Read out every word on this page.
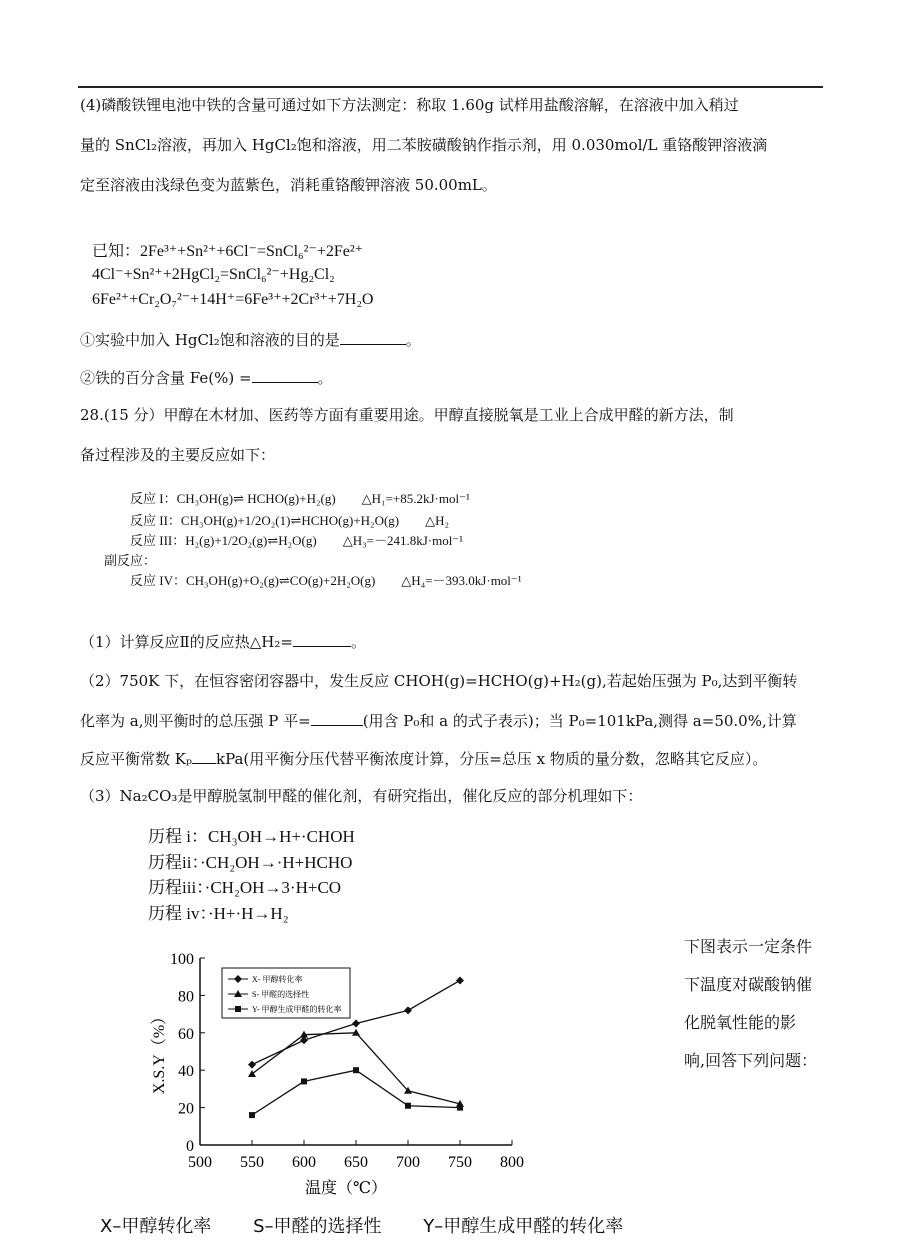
(4)磷酸铁锂电池中铁的含量可通过如下方法测定：称取 1.60g 试样用盐酸溶解，在溶液中加入稍过
量的 SnCl₂溶液，再加入 HgCl₂饱和溶液，用二苯胺磺酸钠作指示剂，用 0.030mol/L 重铬酸钾溶液滴
定至溶液由浅绿色变为蓝紫色，消耗重铬酸钾溶液 50.00mL。
已知：2Fe³⁺+Sn²⁺+6Cl⁻=SnCl₆²⁻+2Fe²⁺
4Cl⁻+Sn²⁺+2HgCl₂=SnCl₆²⁻+Hg₂Cl₂
6Fe²⁺+Cr₂O₇²⁻+14H⁺=6Fe³⁺+2Cr³⁺+7H₂O
①实验中加入 HgCl₂饱和溶液的目的是	。
②铁的百分含量 Fe(%) =	。
28.(15 分）甲醇在木材加、医药等方面有重要用途。甲醇直接脱氧是工业上合成甲醛的新方法，制
备过程涉及的主要反应如下：
反应 I：CH₃OH(g)⇌ HCHO(g)+H₂(g)　　△H₁=+85.2kJ·mol⁻¹
反应 II：CH₃OH(g)+1/2O₂(1)⇌HCHO(g)+H₂O(g)　　△H₂
反应 III：H₂(g)+1/2O₂(g)⇌H₂O(g)　　△H₃=－241.8kJ·mol⁻¹
副反应：
反应 IV：CH₃OH(g)+O₂(g)⇌CO(g)+2H₂O(g)　　△H₄=－393.0kJ·mol⁻¹
（1）计算反应Ⅱ的反应热△H₂=	。
（2）750K 下，在恒容密闭容器中，发生反应 CHOH(g)=HCHO(g)+H₂(g),若起始压强为 P₀,达到平衡转
化率为 a,则平衡时的总压强 P 平=	(用含 P₀和 a 的式子表示)；当 P₀=101kPa,测得 a=50.0%,计算
反应平衡常数 Kₚ kPa(用平衡分压代替平衡浓度计算，分压=总压 x 物质的量分数，忽略其它反应）。
（3）Na₂CO₃是甲醇脱氢制甲醛的催化剂，有研究指出，催化反应的部分机理如下：
历程 i：CH₃OH→H+·CHOH
历程ii：·CH₂OH→·H+HCHO
历程iii：·CH₂OH→3·H+CO
历程 iv：·H+·H→H₂
下图表示一定条件
下温度对碳酸钠催
化脱氧性能的影
响,回答下列问题：
0
20
40
60
80
100
500 550 600 650 700 750 800
温度（℃）
X.S.Y（%）
X- 甲醇转化率
S- 甲醛的选择性
Y- 甲醇生成甲醛的转化率
X–甲醇转化率 S–甲醛的选择性 Y–甲醇生成甲醛的转化率
